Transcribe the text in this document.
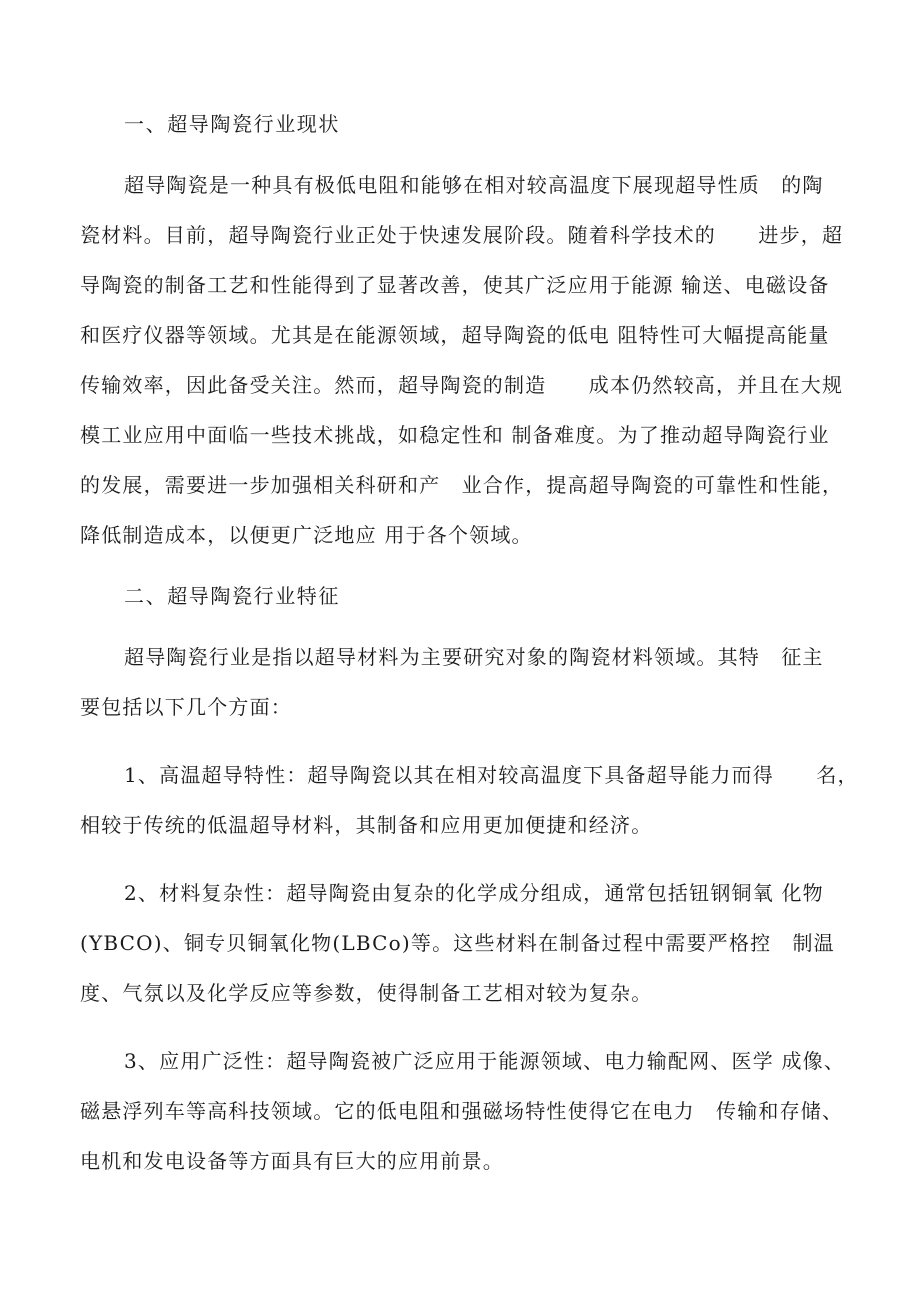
一、超导陶瓷行业现状
超导陶瓷是一种具有极低电阻和能够在相对较高温度下展现超导性质　的陶
瓷材料。目前，超导陶瓷行业正处于快速发展阶段。随着科学技术的　　进步，超
导陶瓷的制备工艺和性能得到了显著改善，使其广泛应用于能源 输送、电磁设备
和医疗仪器等领域。尤其是在能源领域，超导陶瓷的低电 阻特性可大幅提高能量
传输效率，因此备受关注。然而，超导陶瓷的制造　　成本仍然较高，并且在大规
模工业应用中面临一些技术挑战，如稳定性和 制备难度。为了推动超导陶瓷行业
的发展，需要进一步加强相关科研和产　业合作，提高超导陶瓷的可靠性和性能，
降低制造成本，以便更广泛地应 用于各个领域。
二、超导陶瓷行业特征
超导陶瓷行业是指以超导材料为主要研究对象的陶瓷材料领域。其特　征主
要包括以下几个方面：
1、高温超导特性：超导陶瓷以其在相对较高温度下具备超导能力而得　　名，
相较于传统的低温超导材料，其制备和应用更加便捷和经济。
2、材料复杂性：超导陶瓷由复杂的化学成分组成，通常包括钮钢铜氧 化物
(YBCO)、铜专贝铜氧化物(LBCo)等。这些材料在制备过程中需要严格控　制温
度、气氛以及化学反应等参数，使得制备工艺相对较为复杂。
3、应用广泛性：超导陶瓷被广泛应用于能源领域、电力输配网、医学 成像、
磁悬浮列车等高科技领域。它的低电阻和强磁场特性使得它在电力　传输和存储、
电机和发电设备等方面具有巨大的应用前景。
